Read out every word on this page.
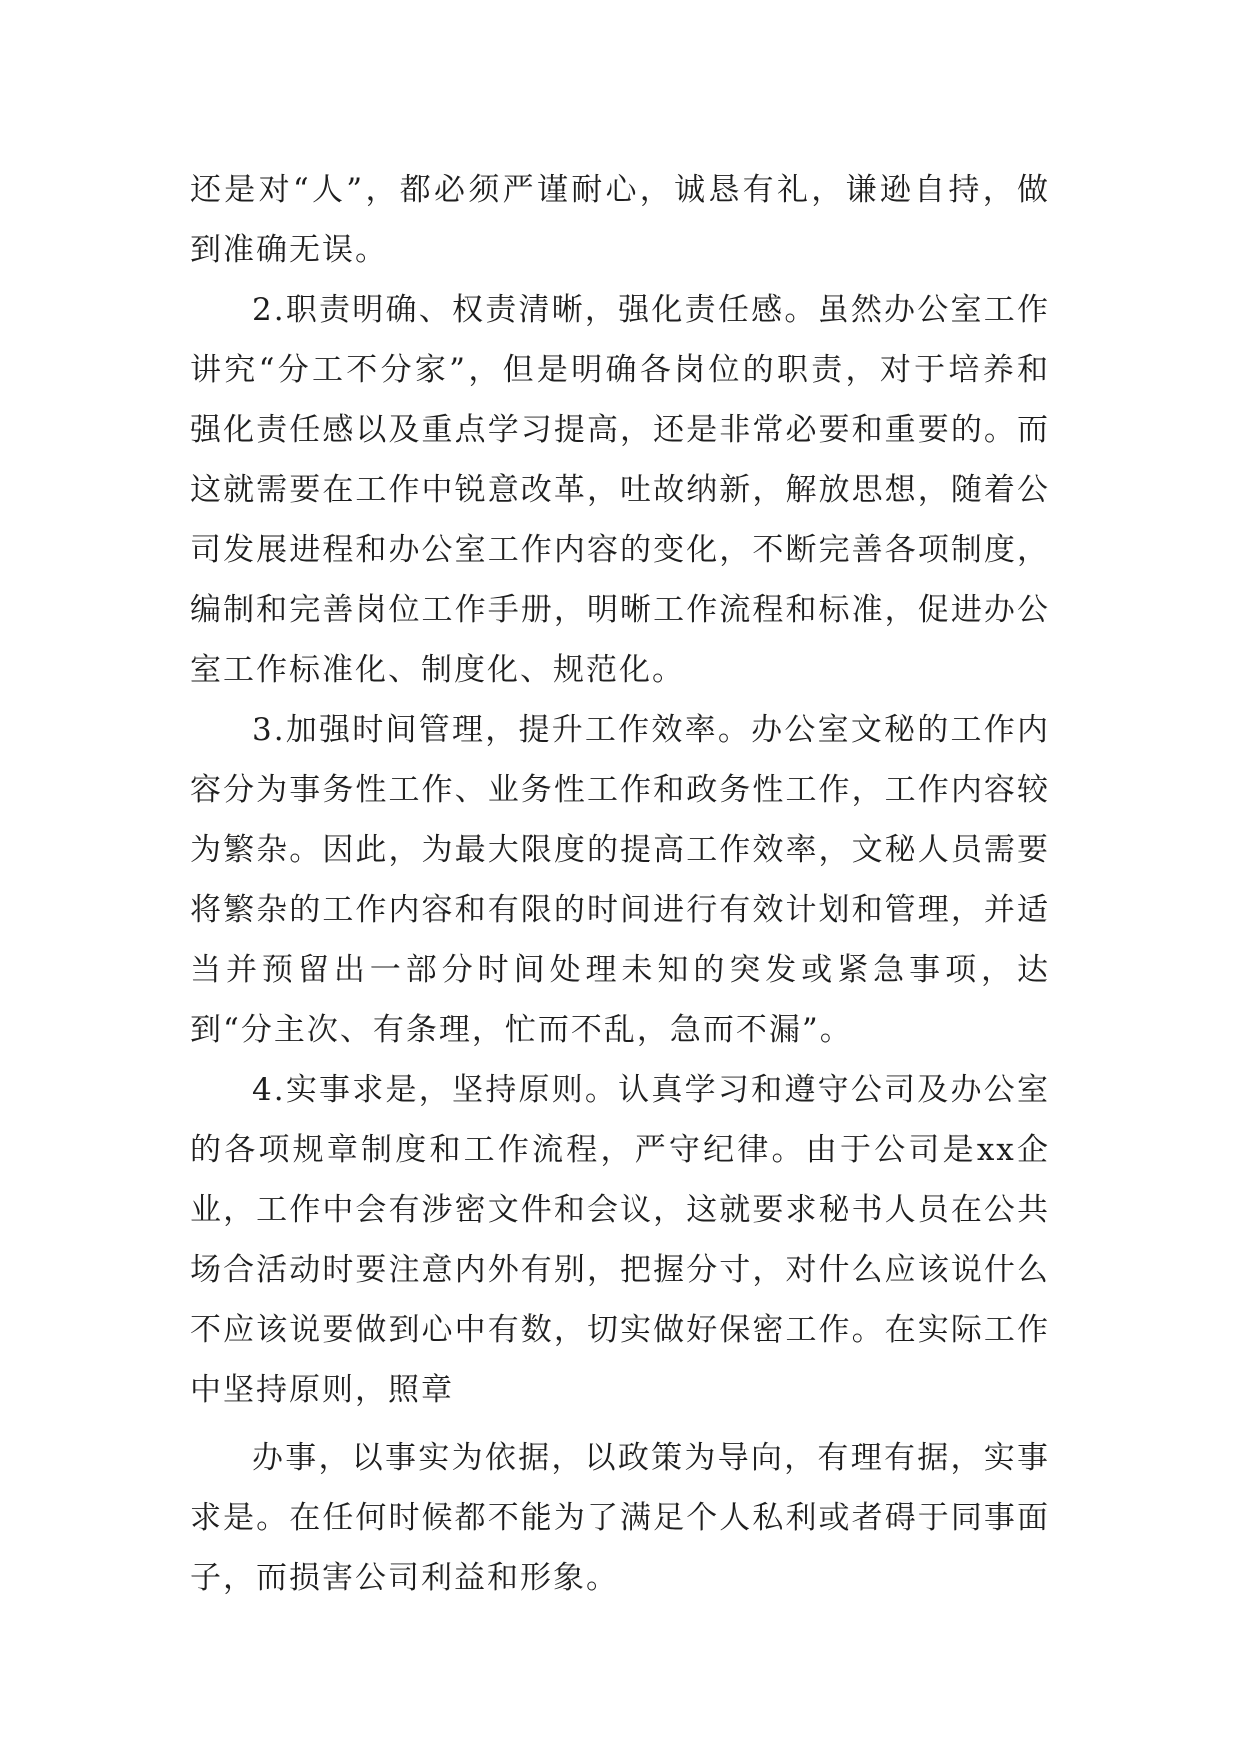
还是对“人”，都必须严谨耐心，诚恳有礼，谦逊自持，做到准确无误。

2.职责明确、权责清晰，强化责任感。虽然办公室工作讲究“分工不分家”，但是明确各岗位的职责，对于培养和强化责任感以及重点学习提高，还是非常必要和重要的。而这就需要在工作中锐意改革，吐故纳新，解放思想，随着公司发展进程和办公室工作内容的变化，不断完善各项制度，编制和完善岗位工作手册，明晰工作流程和标准，促进办公室工作标准化、制度化、规范化。

3.加强时间管理，提升工作效率。办公室文秘的工作内容分为事务性工作、业务性工作和政务性工作，工作内容较为繁杂。因此，为最大限度的提高工作效率，文秘人员需要将繁杂的工作内容和有限的时间进行有效计划和管理，并适当并预留出一部分时间处理未知的突发或紧急事项，达到“分主次、有条理，忙而不乱，急而不漏”。

4.实事求是，坚持原则。认真学习和遵守公司及办公室的各项规章制度和工作流程，严守纪律。由于公司是xx企业，工作中会有涉密文件和会议，这就要求秘书人员在公共场合活动时要注意内外有别，把握分寸，对什么应该说什么不应该说要做到心中有数，切实做好保密工作。在实际工作中坚持原则，照章

办事，以事实为依据，以政策为导向，有理有据，实事求是。在任何时候都不能为了满足个人私利或者碍于同事面子，而损害公司利益和形象。
